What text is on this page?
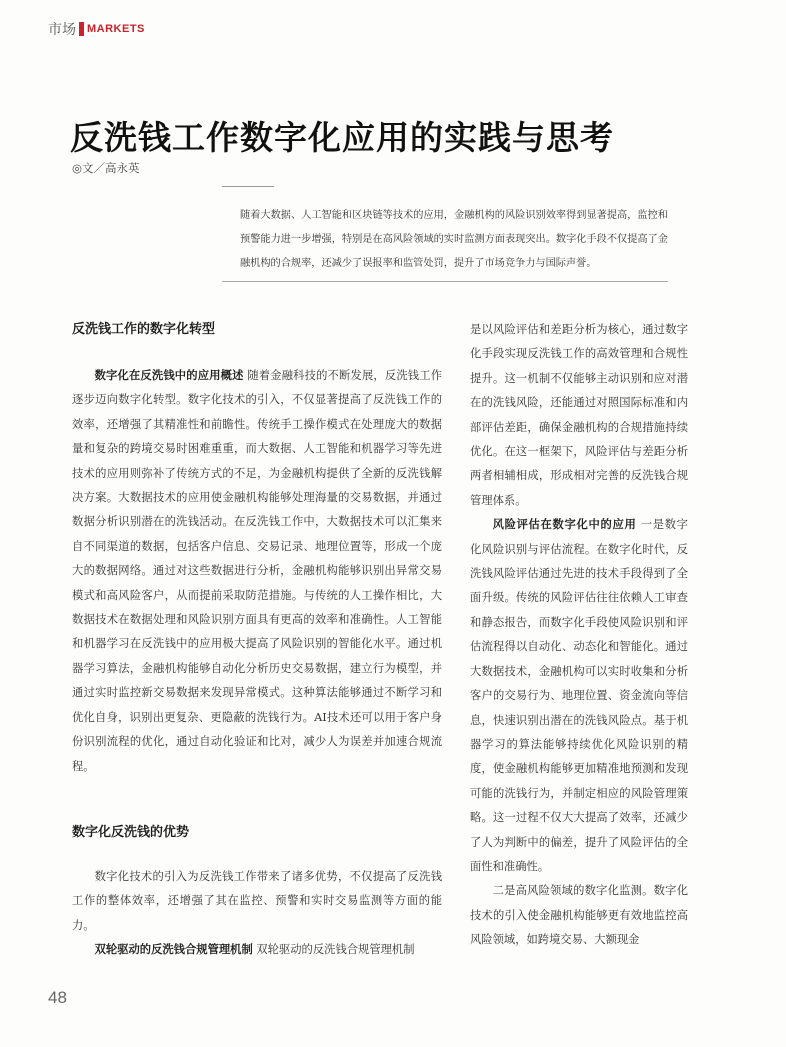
市场 MARKETS
反洗钱工作数字化应用的实践与思考
◎文／高永英

随着大数据、人工智能和区块链等技术的应用，金融机构的风险识别效率得到显著提高，监控和预警能力进一步增强，特别是在高风险领域的实时监测方面表现突出。数字化手段不仅提高了金融机构的合规率，还减少了误报率和监管处罚，提升了市场竞争力与国际声誉。

反洗钱工作的数字化转型

数字化在反洗钱中的应用概述 随着金融科技的不断发展，反洗钱工作逐步迈向数字化转型。数字化技术的引入，不仅显著提高了反洗钱工作的效率，还增强了其精准性和前瞻性。传统手工操作模式在处理庞大的数据量和复杂的跨境交易时困难重重，而大数据、人工智能和机器学习等先进技术的应用则弥补了传统方式的不足，为金融机构提供了全新的反洗钱解决方案。大数据技术的应用使金融机构能够处理海量的交易数据，并通过数据分析识别潜在的洗钱活动。在反洗钱工作中，大数据技术可以汇集来自不同渠道的数据，包括客户信息、交易记录、地理位置等，形成一个庞大的数据网络。通过对这些数据进行分析，金融机构能够识别出异常交易模式和高风险客户，从而提前采取防范措施。与传统的人工操作相比，大数据技术在数据处理和风险识别方面具有更高的效率和准确性。人工智能和机器学习在反洗钱中的应用极大提高了风险识别的智能化水平。通过机器学习算法，金融机构能够自动化分析历史交易数据，建立行为模型，并通过实时监控新交易数据来发现异常模式。这种算法能够通过不断学习和优化自身，识别出更复杂、更隐蔽的洗钱行为。AI技术还可以用于客户身份识别流程的优化，通过自动化验证和比对，减少人为误差并加速合规流程。

数字化反洗钱的优势

数字化技术的引入为反洗钱工作带来了诸多优势，不仅提高了反洗钱工作的整体效率，还增强了其在监控、预警和实时交易监测等方面的能力。

双轮驱动的反洗钱合规管理机制 双轮驱动的反洗钱合规管理机制

是以风险评估和差距分析为核心，通过数字化手段实现反洗钱工作的高效管理和合规性提升。这一机制不仅能够主动识别和应对潜在的洗钱风险，还能通过对照国际标准和内部评估差距，确保金融机构的合规措施持续优化。在这一框架下，风险评估与差距分析两者相辅相成，形成相对完善的反洗钱合规管理体系。

风险评估在数字化中的应用 一是数字化风险识别与评估流程。在数字化时代，反洗钱风险评估通过先进的技术手段得到了全面升级。传统的风险评估往往依赖人工审查和静态报告，而数字化手段使风险识别和评估流程得以自动化、动态化和智能化。通过大数据技术，金融机构可以实时收集和分析客户的交易行为、地理位置、资金流向等信息，快速识别出潜在的洗钱风险点。基于机器学习的算法能够持续优化风险识别的精度，使金融机构能够更加精准地预测和发现可能的洗钱行为，并制定相应的风险管理策略。这一过程不仅大大提高了效率，还减少了人为判断中的偏差，提升了风险评估的全面性和准确性。

二是高风险领域的数字化监测。数字化技术的引入使金融机构能够更有效地监控高风险领域，如跨境交易、大额现金

48
